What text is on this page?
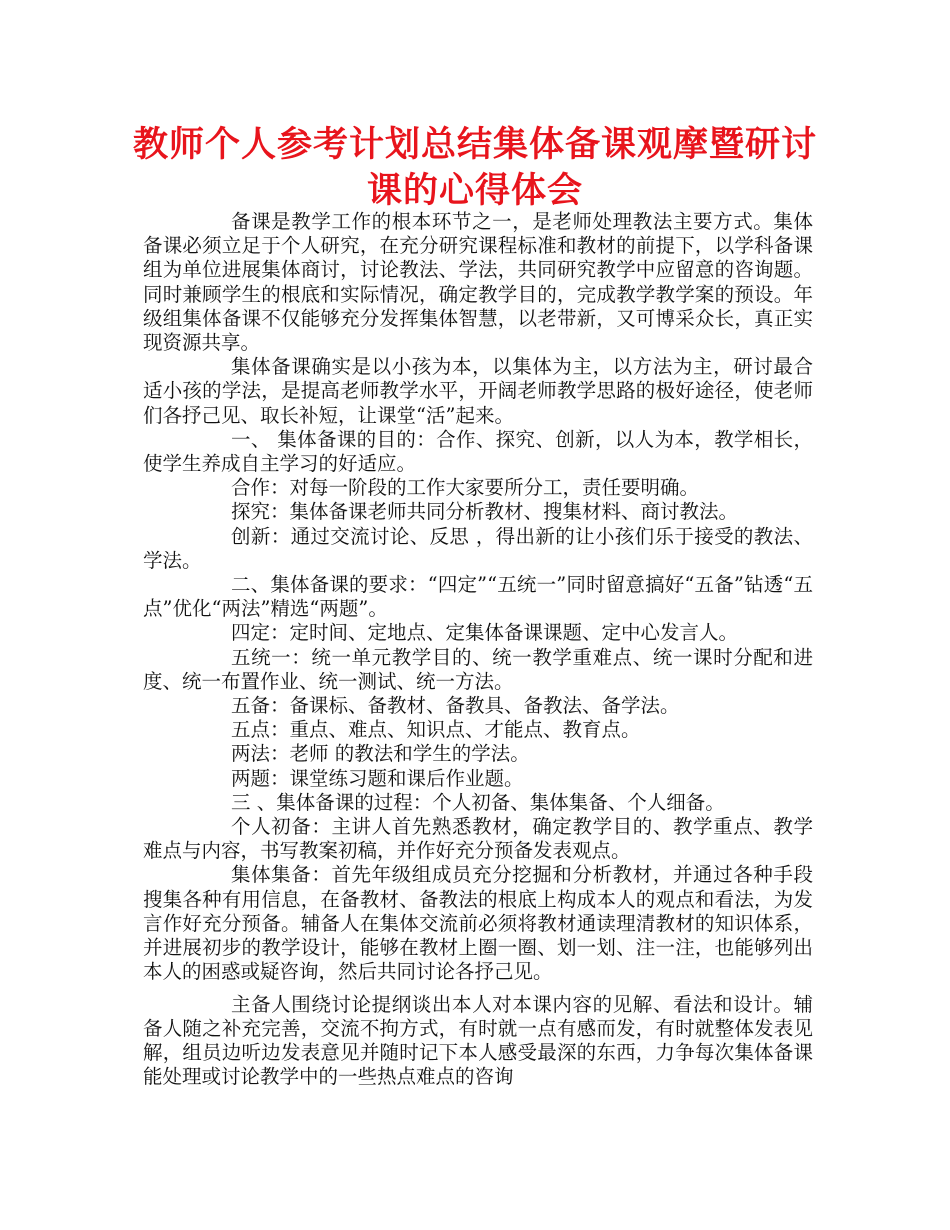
教师个人参考计划总结集体备课观摩暨研讨课的心得体会

备课是教学工作的根本环节之一，是老师处理教法主要方式。集体备课必须立足于个人研究，在充分研究课程标准和教材的前提下，以学科备课组为单位进展集体商讨，讨论教法、学法，共同研究教学中应留意的咨询题。同时兼顾学生的根底和实际情况，确定教学目的，完成教学教学案的预设。年级组集体备课不仅能够充分发挥集体智慧，以老带新，又可博采众长，真正实现资源共享。

集体备课确实是以小孩为本，以集体为主，以方法为主，研讨最合适小孩的学法，是提高老师教学水平，开阔老师教学思路的极好途径，使老师们各抒己见、取长补短，让课堂“活”起来。

一、 集体备课的目的：合作、探究、创新，以人为本，教学相长，使学生养成自主学习的好适应。

合作：对每一阶段的工作大家要所分工，责任要明确。

探究：集体备课老师共同分析教材、搜集材料、商讨教法。

创新：通过交流讨论、反思 ，得出新的让小孩们乐于接受的教法、学法。

二、集体备课的要求：“四定”“五统一”同时留意搞好“五备”钻透“五点”优化“两法”精选“两题”。

四定：定时间、定地点、定集体备课课题、定中心发言人。

五统一：统一单元教学目的、统一教学重难点、统一课时分配和进度、统一布置作业、统一测试、统一方法。

五备：备课标、备教材、备教具、备教法、备学法。

五点：重点、难点、知识点、才能点、教育点。

两法：老师 的教法和学生的学法。

两题：课堂练习题和课后作业题。

三 、集体备课的过程：个人初备、集体集备、个人细备。

个人初备：主讲人首先熟悉教材，确定教学目的、教学重点、教学难点与内容，书写教案初稿，并作好充分预备发表观点。

集体集备：首先年级组成员充分挖掘和分析教材，并通过各种手段搜集各种有用信息，在备教材、备教法的根底上构成本人的观点和看法，为发言作好充分预备。辅备人在集体交流前必须将教材通读理清教材的知识体系，并进展初步的教学设计，能够在教材上圈一圈、划一划、注一注，也能够列出本人的困惑或疑咨询，然后共同讨论各抒己见。

主备人围绕讨论提纲谈出本人对本课内容的见解、看法和设计。辅备人随之补充完善，交流不拘方式，有时就一点有感而发，有时就整体发表见解，组员边听边发表意见并随时记下本人感受最深的东西，力争每次集体备课能处理或讨论教学中的一些热点难点的咨询
